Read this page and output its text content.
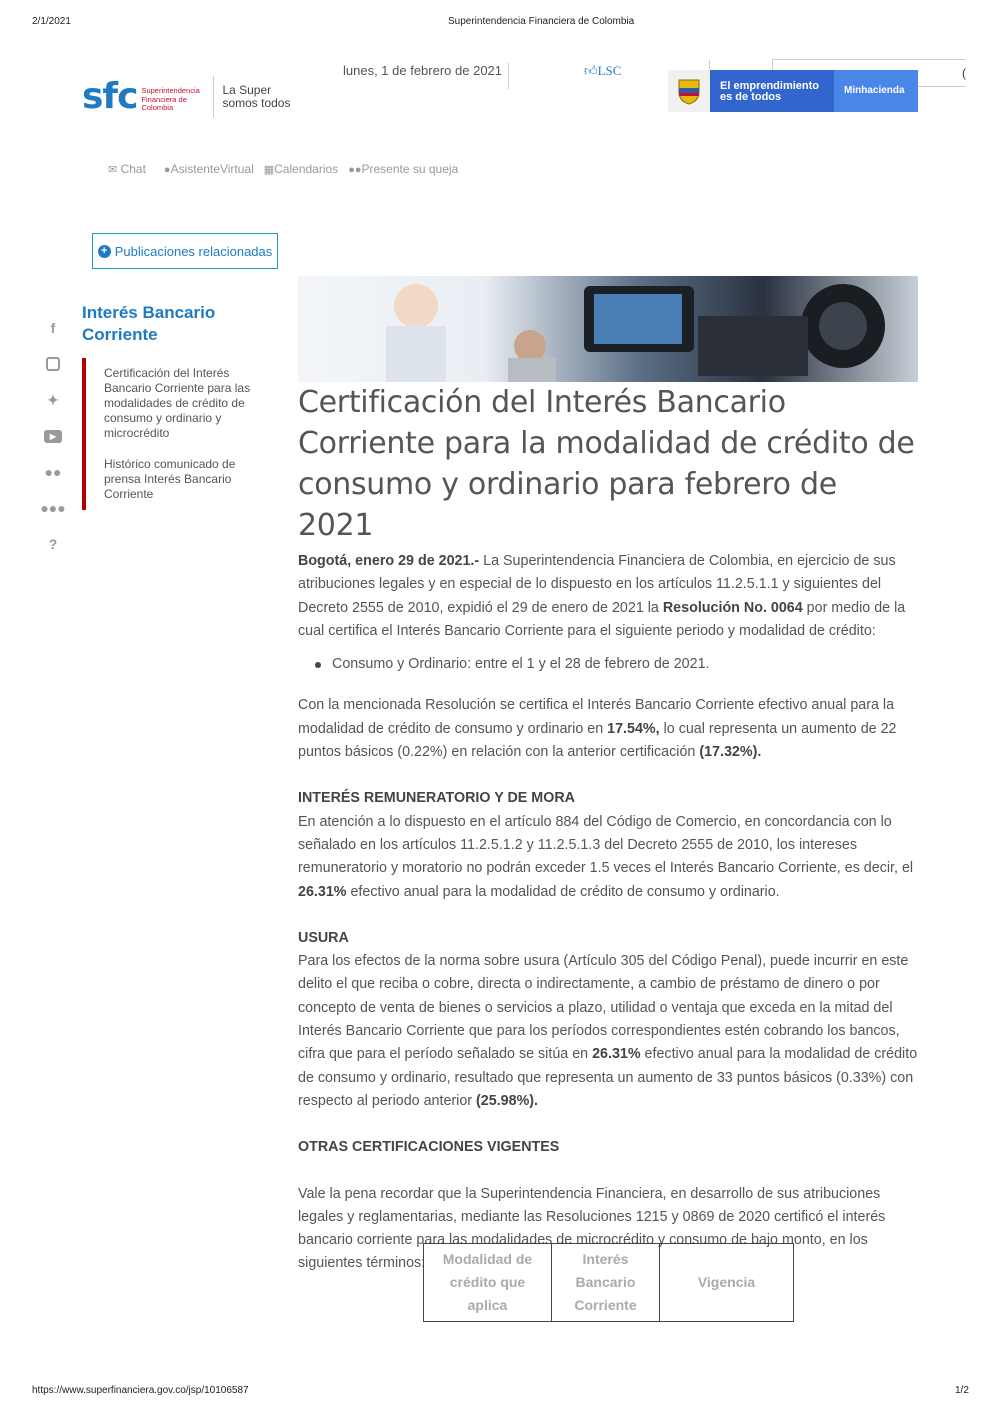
2/1/2021	Superintendencia Financiera de Colombia
https://www.superfinanciera.gov.co/jsp/10106587	1/2
sfc Superintendencia Financiera de Colombia
La Super somos todos
lunes, 1 de febrero de 2021	👍︎LSC	(
El emprendimiento es de todos
Minhacienda
✉︎ Chat ●AsistenteVirtual ▦Calendarios ●●Presente su queja
+ Publicaciones relacionadas
f
✦
▶
●●
●●●
?
Interés Bancario Corriente
Certificación del Interés Bancario Corriente para las modalidades de crédito de consumo y ordinario y microcrédito
Histórico comunicado de prensa Interés Bancario Corriente
Certificación del Interés Bancario Corriente para la modalidad de crédito de consumo y ordinario para febrero de 2021

Bogotá, enero 29 de 2021.- La Superintendencia Financiera de Colombia, en ejercicio de sus atribuciones legales y en especial de lo dispuesto en los artículos 11.2.5.1.1 y siguientes del Decreto 2555 de 2010, expidió el 29 de enero de 2021 la Resolución No. 0064 por medio de la cual certifica el Interés Bancario Corriente para el siguiente periodo y modalidad de crédito:

Consumo y Ordinario: entre el 1 y el 28 de febrero de 2021.

Con la mencionada Resolución se certifica el Interés Bancario Corriente efectivo anual para la modalidad de crédito de consumo y ordinario en 17.54%, lo cual representa un aumento de 22 puntos básicos (0.22%) en relación con la anterior certificación (17.32%).

INTERÉS REMUNERATORIO Y DE MORA

En atención a lo dispuesto en el artículo 884 del Código de Comercio, en concordancia con lo señalado en los artículos 11.2.5.1.2 y 11.2.5.1.3 del Decreto 2555 de 2010, los intereses remuneratorio y moratorio no podrán exceder 1.5 veces el Interés Bancario Corriente, es decir, el 26.31% efectivo anual para la modalidad de crédito de consumo y ordinario.

USURA

Para los efectos de la norma sobre usura (Artículo 305 del Código Penal), puede incurrir en este delito el que reciba o cobre, directa o indirectamente, a cambio de préstamo de dinero o por concepto de venta de bienes o servicios a plazo, utilidad o ventaja que exceda en la mitad del Interés Bancario Corriente que para los períodos correspondientes estén cobrando los bancos, cifra que para el período señalado se sitúa en 26.31% efectivo anual para la modalidad de crédito de consumo y ordinario, resultado que representa un aumento de 33 puntos básicos (0.33%) con respecto al periodo anterior (25.98%).

OTRAS CERTIFICACIONES VIGENTES

Vale la pena recordar que la Superintendencia Financiera, en desarrollo de sus atribuciones legales y reglamentarias, mediante las Resoluciones 1215 y 0869 de 2020 certificó el interés bancario corriente para las modalidades de microcrédito y consumo de bajo monto, en los siguientes términos:	Modalidad de crédito que aplica	Interés Bancario Corriente	Vigencia
